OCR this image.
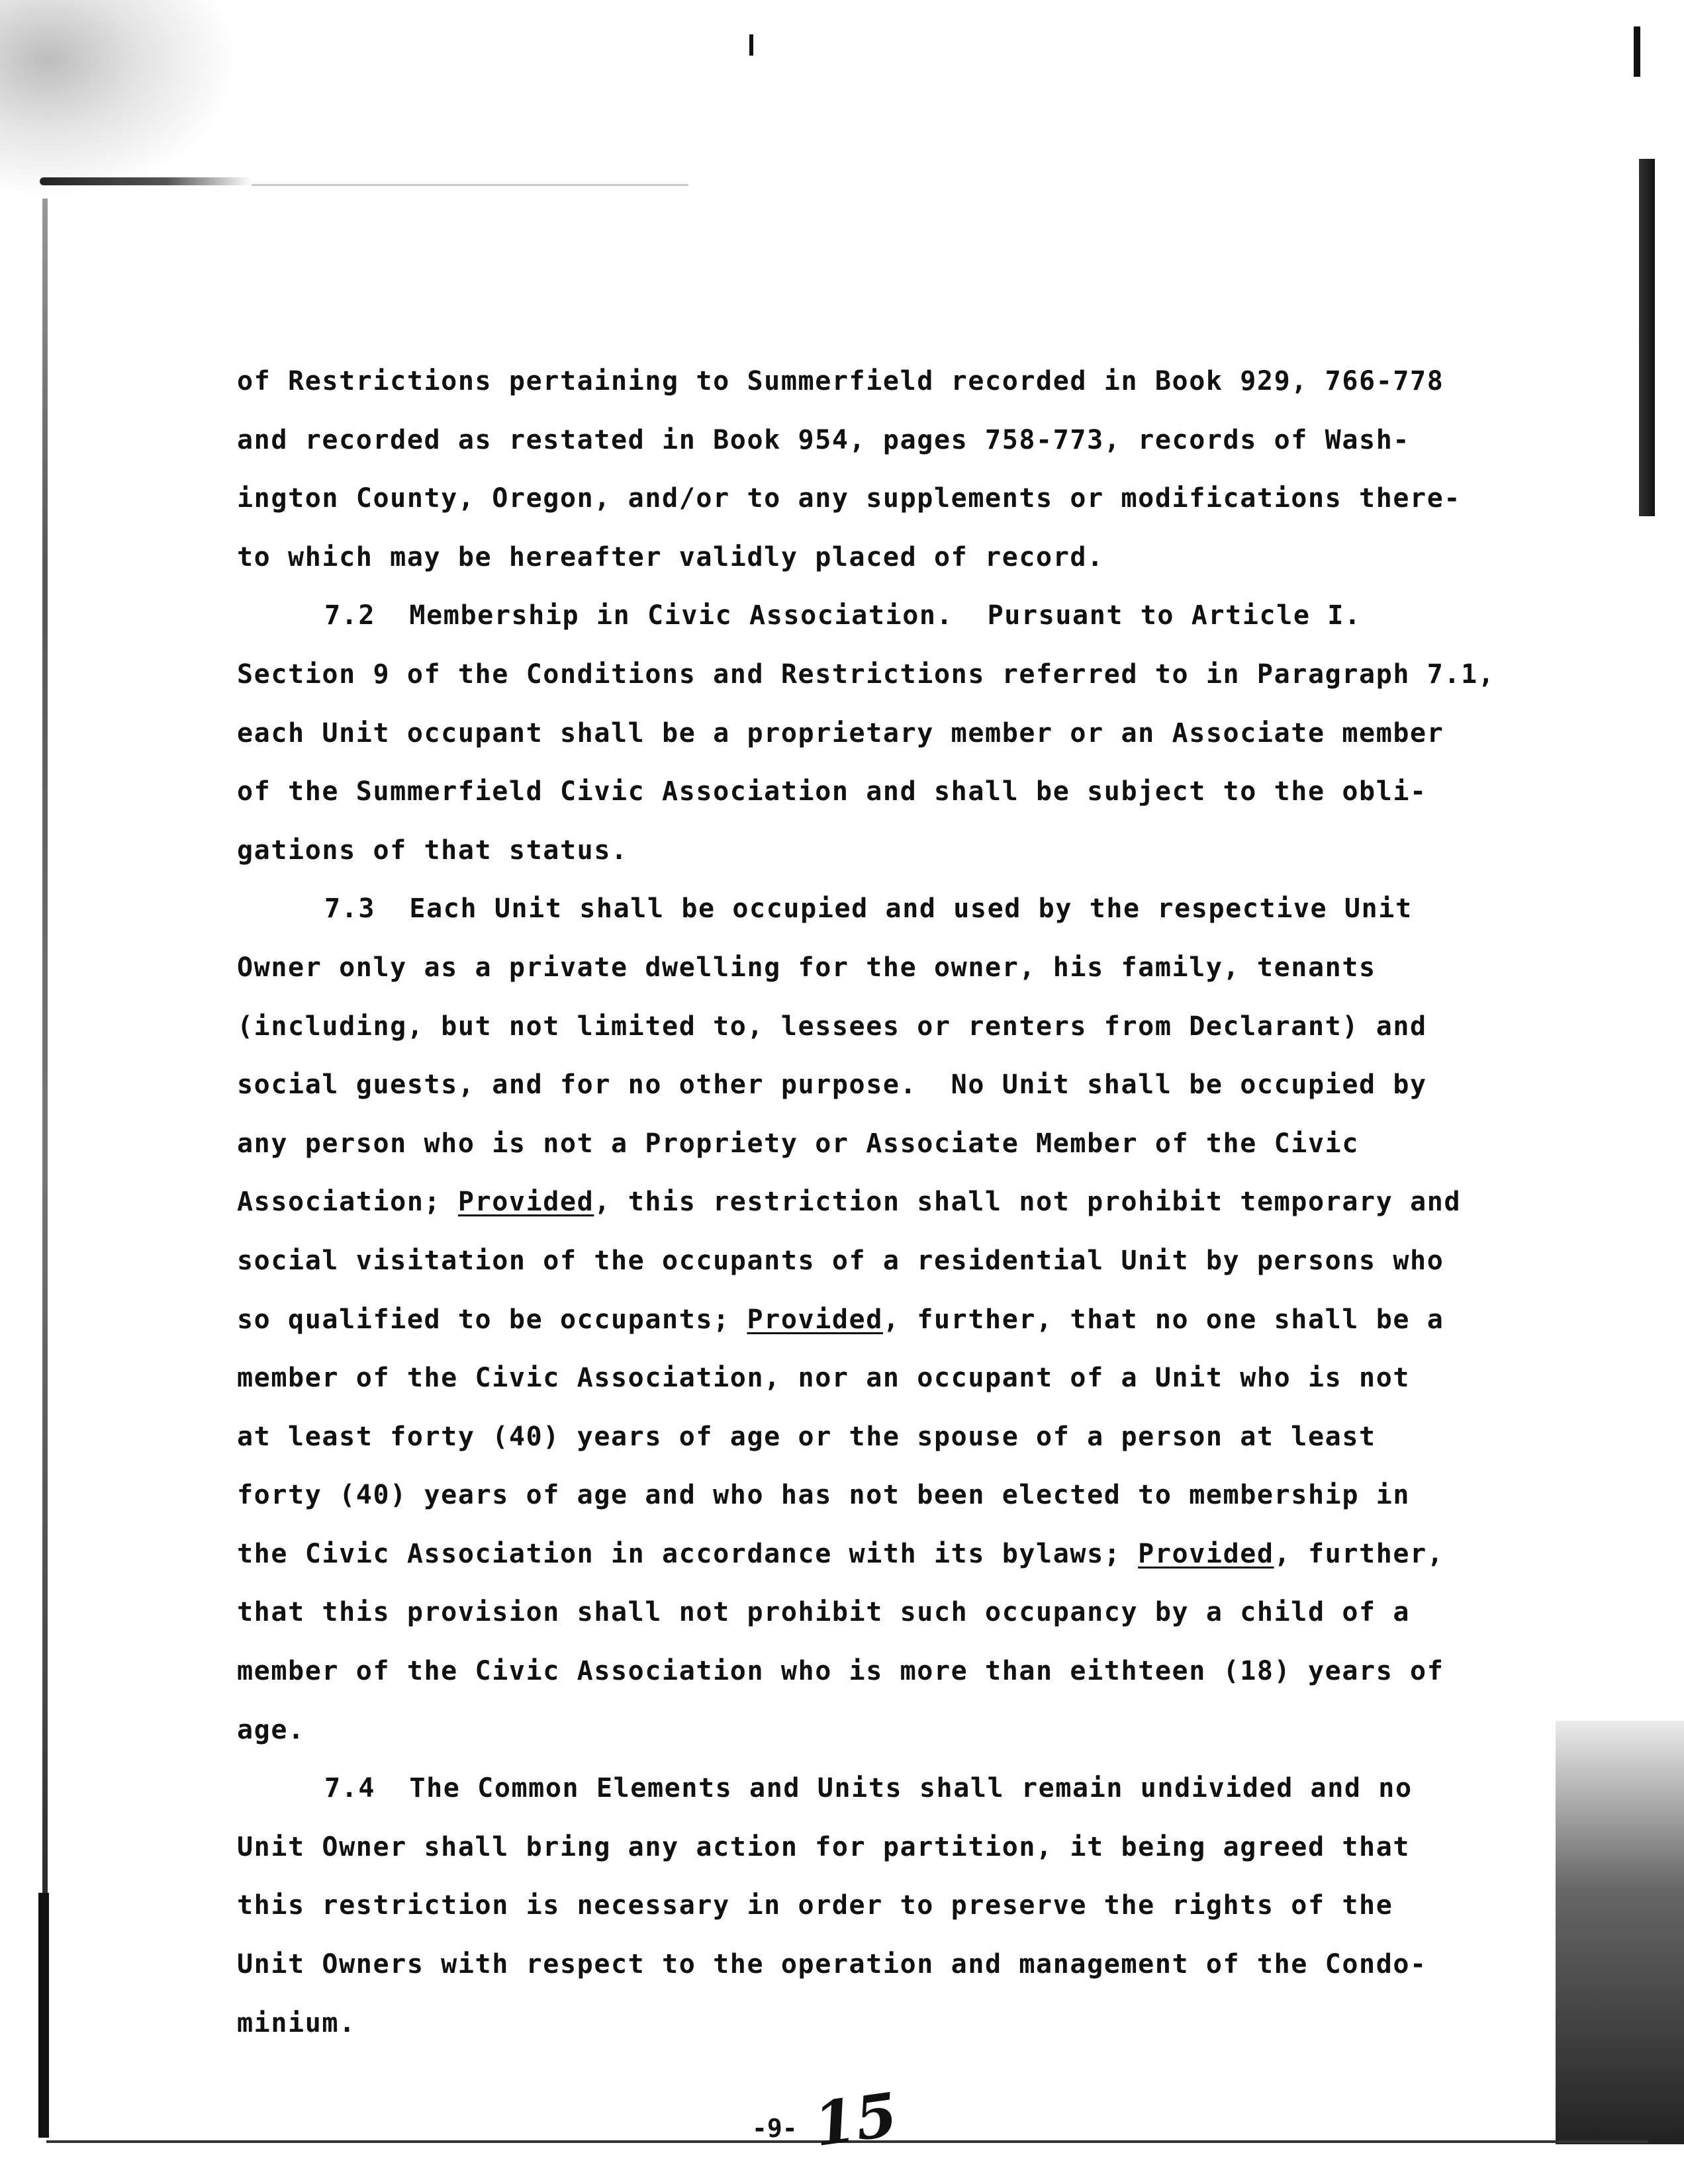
of Restrictions pertaining to Summerfield recorded in Book 929, 766-778

and recorded as restated in Book 954, pages 758-773, records of Wash-

ington County, Oregon, and/or to any supplements or modifications there-

to which may be hereafter validly placed of record.

7.2  Membership in Civic Association.  Pursuant to Article I.

Section 9 of the Conditions and Restrictions referred to in Paragraph 7.1,

each Unit occupant shall be a proprietary member or an Associate member

of the Summerfield Civic Association and shall be subject to the obli-

gations of that status.

7.3  Each Unit shall be occupied and used by the respective Unit

Owner only as a private dwelling for the owner, his family, tenants

(including, but not limited to, lessees or renters from Declarant) and

social guests, and for no other purpose.  No Unit shall be occupied by

any person who is not a Propriety or Associate Member of the Civic

Association; Provided, this restriction shall not prohibit temporary and

social visitation of the occupants of a residential Unit by persons who

so qualified to be occupants; Provided, further, that no one shall be a

member of the Civic Association, nor an occupant of a Unit who is not

at least forty (40) years of age or the spouse of a person at least

forty (40) years of age and who has not been elected to membership in

the Civic Association in accordance with its bylaws; Provided, further,

that this provision shall not prohibit such occupancy by a child of a

member of the Civic Association who is more than eithteen (18) years of

age.

7.4  The Common Elements and Units shall remain undivided and no

Unit Owner shall bring any action for partition, it being agreed that

this restriction is necessary in order to preserve the rights of the

Unit Owners with respect to the operation and management of the Condo-

minium.

-9- 15
